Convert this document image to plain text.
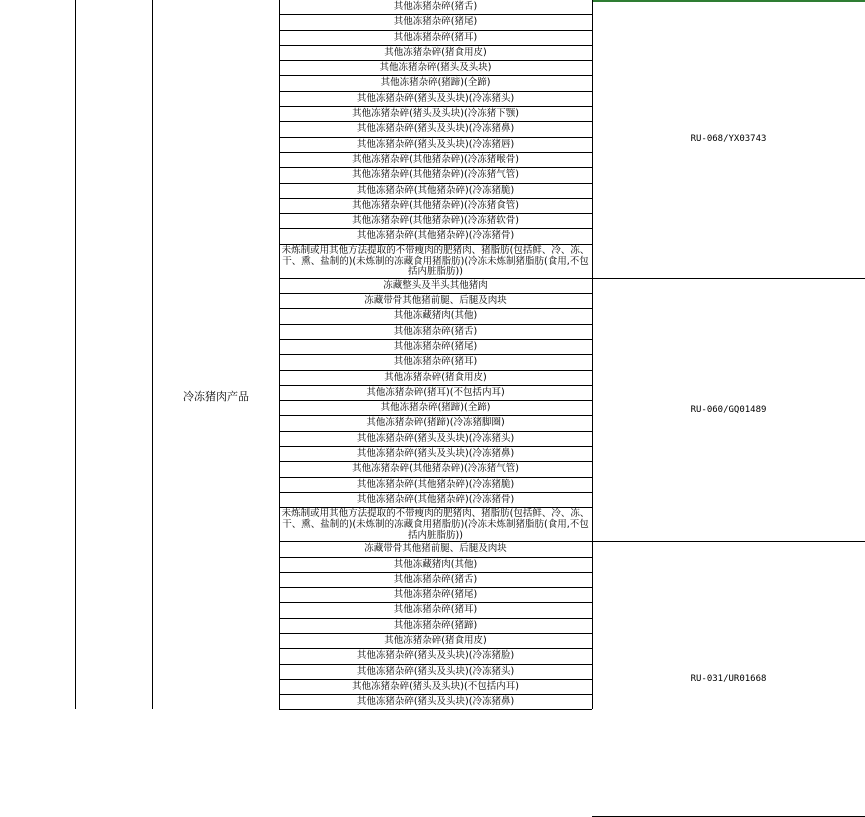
冷冻猪肉产品
其他冻猪杂碎(猪舌)
其他冻猪杂碎(猪尾)
其他冻猪杂碎(猪耳)
其他冻猪杂碎(猪食用皮)
其他冻猪杂碎(猪头及头块)
其他冻猪杂碎(猪蹄)(全蹄)
其他冻猪杂碎(猪头及头块)(冷冻猪头)
其他冻猪杂碎(猪头及头块)(冷冻猪下颚)
其他冻猪杂碎(猪头及头块)(冷冻猪鼻)
其他冻猪杂碎(猪头及头块)(冷冻猪唇)
其他冻猪杂碎(其他猪杂碎)(冷冻猪喉骨)
其他冻猪杂碎(其他猪杂碎)(冷冻猪气管)
其他冻猪杂碎(其他猪杂碎)(冷冻猪脆)
其他冻猪杂碎(其他猪杂碎)(冷冻猪食管)
其他冻猪杂碎(其他猪杂碎)(冷冻猪软骨)
其他冻猪杂碎(其他猪杂碎)(冷冻猪骨)
未炼制或用其他方法提取的不带瘦肉的肥猪肉、猪脂肪(包括鲜、冷、冻、干、熏、盐制的)(未炼制的冻藏食用猪脂肪)(冷冻未炼制猪脂肪(食用,不包括内脏脂肪))
冻藏整头及半头其他猪肉
冻藏带骨其他猪前腿、后腿及肉块
其他冻藏猪肉(其他)
其他冻猪杂碎(猪舌)
其他冻猪杂碎(猪尾)
其他冻猪杂碎(猪耳)
其他冻猪杂碎(猪食用皮)
其他冻猪杂碎(猪耳)(不包括内耳)
其他冻猪杂碎(猪蹄)(全蹄)
其他冻猪杂碎(猪蹄)(冷冻猪脚圈)
其他冻猪杂碎(猪头及头块)(冷冻猪头)
其他冻猪杂碎(猪头及头块)(冷冻猪鼻)
其他冻猪杂碎(其他猪杂碎)(冷冻猪气管)
其他冻猪杂碎(其他猪杂碎)(冷冻猪脆)
其他冻猪杂碎(其他猪杂碎)(冷冻猪骨)
未炼制或用其他方法提取的不带瘦肉的肥猪肉、猪脂肪(包括鲜、冷、冻、干、熏、盐制的)(未炼制的冻藏食用猪脂肪)(冷冻未炼制猪脂肪(食用,不包括内脏脂肪))
冻藏带骨其他猪前腿、后腿及肉块
其他冻藏猪肉(其他)
其他冻猪杂碎(猪舌)
其他冻猪杂碎(猪尾)
其他冻猪杂碎(猪耳)
其他冻猪杂碎(猪蹄)
其他冻猪杂碎(猪食用皮)
其他冻猪杂碎(猪头及头块)(冷冻猪脸)
其他冻猪杂碎(猪头及头块)(冷冻猪头)
其他冻猪杂碎(猪头及头块)(不包括内耳)
其他冻猪杂碎(猪头及头块)(冷冻猪鼻)
RU-068/YX03743
RU-060/GQ01489
RU-031/UR01668
